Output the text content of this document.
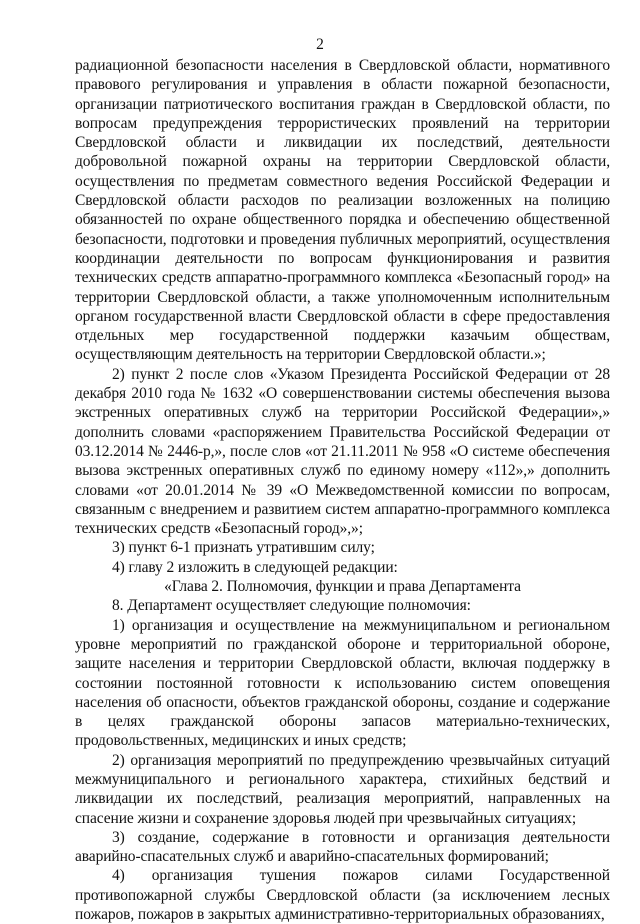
2

радиационной безопасности населения в Свердловской области, нормативного правового регулирования и управления в области пожарной безопасности, организации патриотического воспитания граждан в Свердловской области, по вопросам предупреждения террористических проявлений на территории Свердловской области и ликвидации их последствий, деятельности добровольной пожарной охраны на территории Свердловской области, осуществления по предметам совместного ведения Российской Федерации и Свердловской области расходов по реализации возложенных на полицию обязанностей по охране общественного порядка и обеспечению общественной безопасности, подготовки и проведения публичных мероприятий, осуществления координации деятельности по вопросам функционирования и развития технических средств аппаратно-программного комплекса «Безопасный город» на территории Свердловской области, а также уполномоченным исполнительным органом государственной власти Свердловской области в сфере предоставления отдельных мер государственной поддержки казачьим обществам, осуществляющим деятельность на территории Свердловской области.»;

2) пункт 2 после слов «Указом Президента Российской Федерации от 28 декабря 2010 года № 1632 «О совершенствовании системы обеспечения вызова экстренных оперативных служб на территории Российской Федерации»,» дополнить словами «распоряжением Правительства Российской Федерации от 03.12.2014 № 2446-р,», после слов «от 21.11.2011 № 958 «О системе обеспечения вызова экстренных оперативных служб по единому номеру «112»,» дополнить словами «от 20.01.2014 № 39 «О Межведомственной комиссии по вопросам, связанным с внедрением и развитием систем аппаратно-программного комплекса технических средств «Безопасный город»,»;

3) пункт 6-1 признать утратившим силу;

4) главу 2 изложить в следующей редакции:

«Глава 2. Полномочия, функции и права Департамента

8. Департамент осуществляет следующие полномочия:

1) организация и осуществление на межмуниципальном и региональном уровне мероприятий по гражданской обороне и территориальной обороне, защите населения и территории Свердловской области, включая поддержку в состоянии постоянной готовности к использованию систем оповещения населения об опасности, объектов гражданской обороны, создание и содержание в целях гражданской обороны запасов материально-технических, продовольственных, медицинских и иных средств;

2) организация мероприятий по предупреждению чрезвычайных ситуаций межмуниципального и регионального характера, стихийных бедствий и ликвидации их последствий, реализация мероприятий, направленных на спасение жизни и сохранение здоровья людей при чрезвычайных ситуациях;

3) создание, содержание в готовности и организация деятельности аварийно-спасательных служб и аварийно-спасательных формирований;

4) организация тушения пожаров силами Государственной противопожарной службы Свердловской области (за исключением лесных пожаров, пожаров в закрытых административно-территориальных образованиях,
